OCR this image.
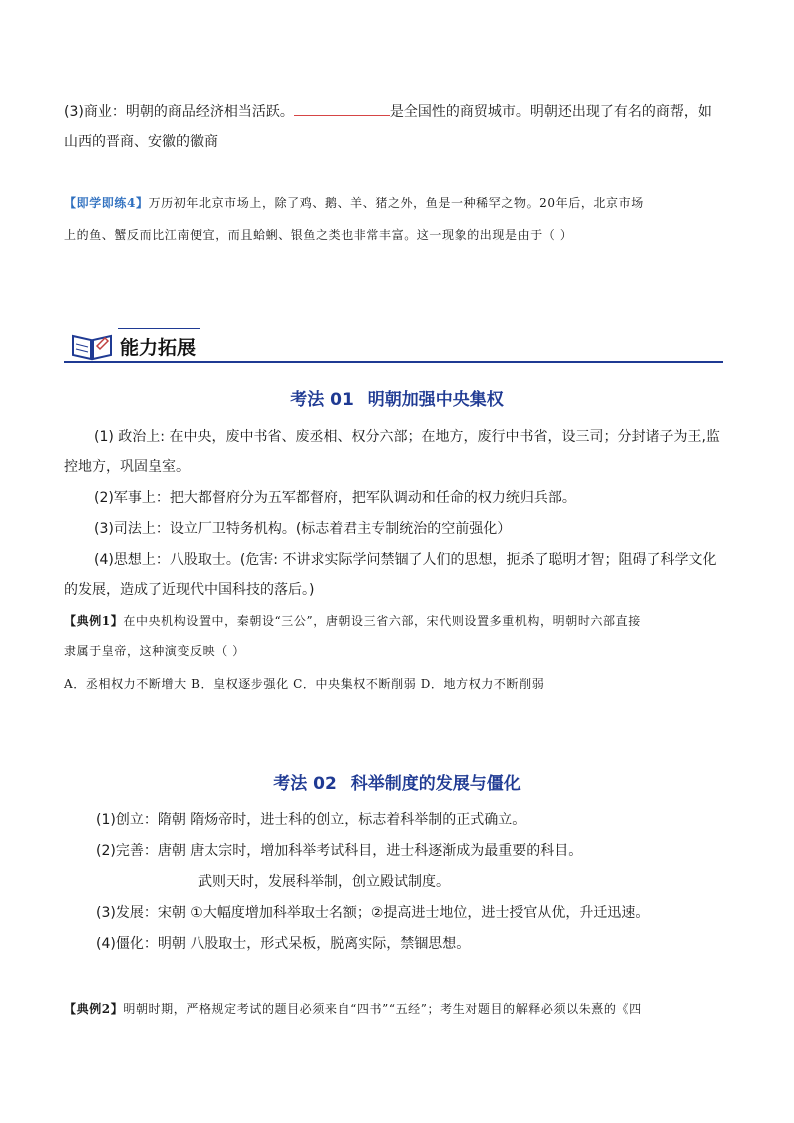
(3)商业：明朝的商品经济相当活跃。	是全国性的商贸城市。明朝还出现了有名的商帮，如
山西的晋商、安徽的徽商
【即学即练4】万历初年北京市场上，除了鸡、鹅、羊、猪之外，鱼是一种稀罕之物。20年后，北京市场
上的鱼、蟹反而比江南便宜，而且蛤蜊、银鱼之类也非常丰富。这一现象的出现是由于（ ）
能力拓展
考法 01 明朝加强中央集权
(1) 政治上: 在中央，废中书省、废丞相、权分六部；在地方，废行中书省，设三司；分封诸子为王,监
控地方，巩固皇室。
(2)军事上：把大都督府分为五军都督府，把军队调动和任命的权力统归兵部。
(3)司法上：设立厂卫特务机构。(标志着君主专制统治的空前强化）
(4)思想上：八股取士。(危害: 不讲求实际学问禁锢了人们的思想，扼杀了聪明才智；阻碍了科学文化
的发展，造成了近现代中国科技的落后。)
【典例1】在中央机构设置中，秦朝设“三公”，唐朝设三省六部，宋代则设置多重机构，明朝时六部直接
隶属于皇帝，这种演变反映（ ）
A．丞相权力不断增大 B．皇权逐步强化 C．中央集权不断削弱 D．地方权力不断削弱
考法 02 科举制度的发展与僵化
(1)创立：隋朝 隋炀帝时，进士科的创立，标志着科举制的正式确立。
(2)完善：唐朝 唐太宗时，增加科举考试科目，进士科逐渐成为最重要的科目。
武则天时，发展科举制，创立殿试制度。
(3)发展：宋朝 ①大幅度增加科举取士名额；②提高进士地位，进士授官从优，升迁迅速。
(4)僵化：明朝 八股取士，形式呆板，脱离实际，禁锢思想。
【典例2】明朝时期，严格规定考试的题目必须来自“四书”“五经”；考生对题目的解释必须以朱熹的《四
